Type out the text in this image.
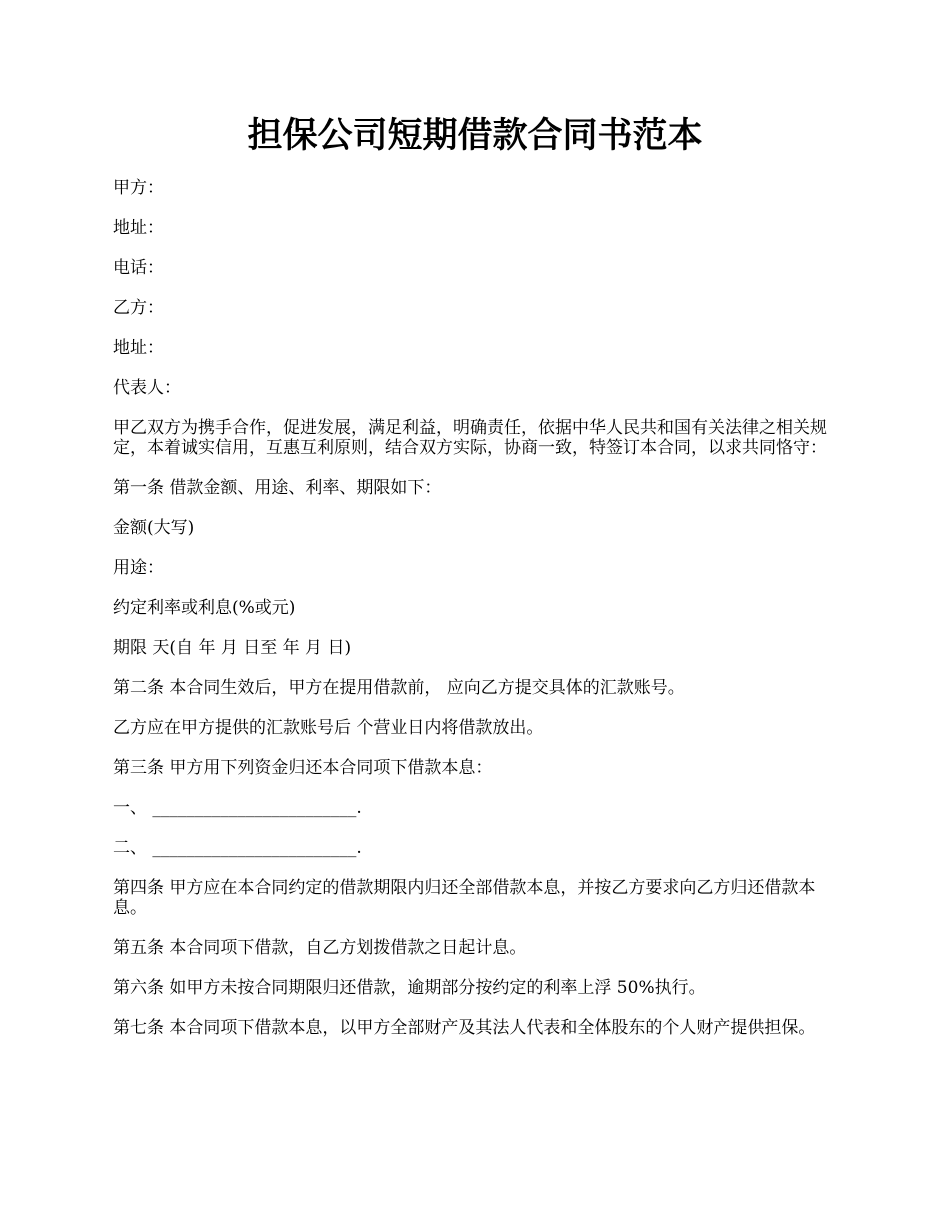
担保公司短期借款合同书范本

甲方：

地址：

电话：

乙方：

地址：

代表人：

甲乙双方为携手合作，促进发展，满足利益，明确责任，依据中华人民共和国有关法律之相关规定，本着诚实信用，互惠互利原则，结合双方实际，协商一致，特签订本合同，以求共同恪守：

第一条 借款金额、用途、利率、期限如下：

金额(大写)

用途：

约定利率或利息(%或元)

期限 天(自 年 月 日至 年 月 日)

第二条 本合同生效后，甲方在提用借款前， 应向乙方提交具体的汇款账号。

乙方应在甲方提供的汇款账号后 个营业日内将借款放出。

第三条 甲方用下列资金归还本合同项下借款本息：

一、 ________________________.

二、 ________________________.

第四条 甲方应在本合同约定的借款期限内归还全部借款本息，并按乙方要求向乙方归还借款本息。

第五条 本合同项下借款，自乙方划拨借款之日起计息。

第六条 如甲方未按合同期限归还借款，逾期部分按约定的利率上浮 50%执行。

第七条 本合同项下借款本息，以甲方全部财产及其法人代表和全体股东的个人财产提供担保。
